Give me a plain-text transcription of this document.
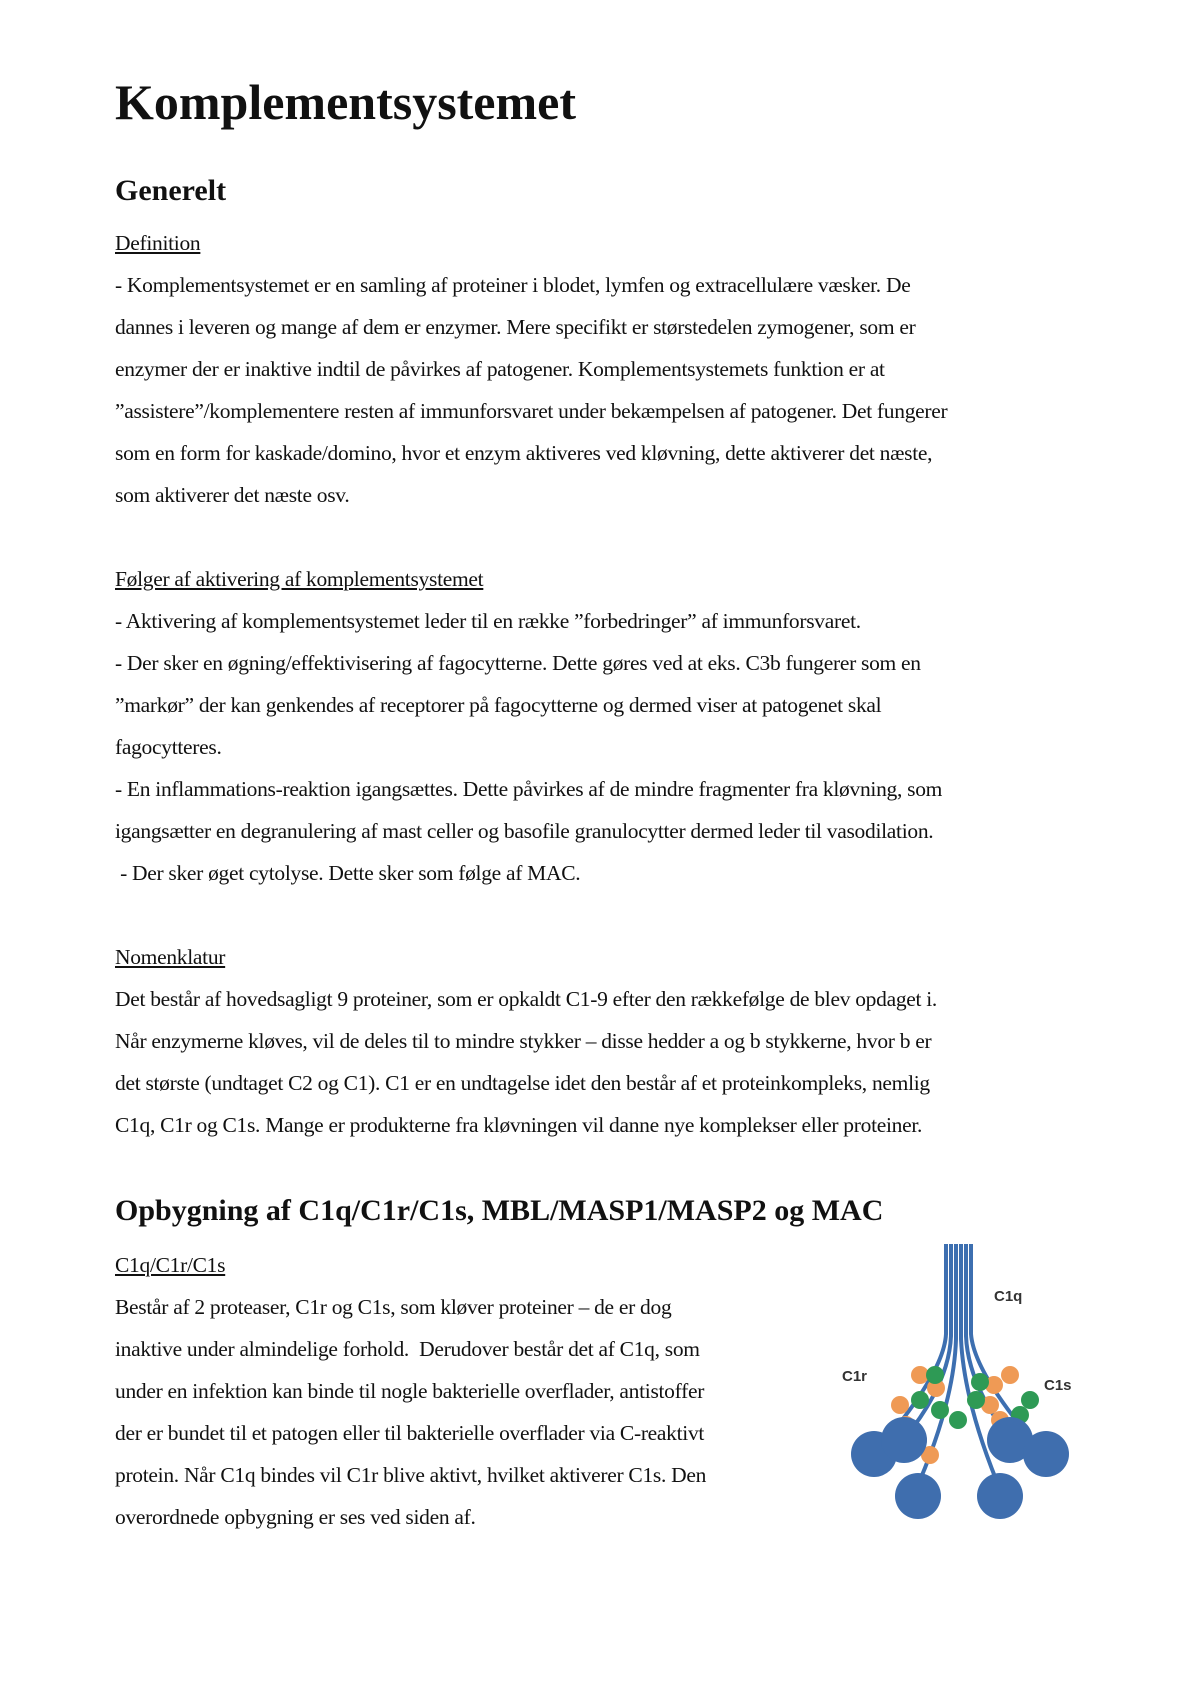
Komplementsystemet
Generelt

Definition

- Komplementsystemet er en samling af proteiner i blodet, lymfen og extracellulære væsker. De

dannes i leveren og mange af dem er enzymer. Mere specifikt er størstedelen zymogener, som er

enzymer der er inaktive indtil de påvirkes af patogener. Komplementsystemets funktion er at

”assistere”/komplementere resten af immunforsvaret under bekæmpelsen af patogener. Det fungerer

som en form for kaskade/domino, hvor et enzym aktiveres ved kløvning, dette aktiverer det næste,

som aktiverer det næste osv.

Følger af aktivering af komplementsystemet

- Aktivering af komplementsystemet leder til en række ”forbedringer” af immunforsvaret.

- Der sker en øgning/effektivisering af fagocytterne. Dette gøres ved at eks. C3b fungerer som en

”markør” der kan genkendes af receptorer på fagocytterne og dermed viser at patogenet skal

fagocytteres.

- En inflammations-reaktion igangsættes. Dette påvirkes af de mindre fragmenter fra kløvning, som

igangsætter en degranulering af mast celler og basofile granulocytter dermed leder til vasodilation.

- Der sker øget cytolyse. Dette sker som følge af MAC.

Nomenklatur

Det består af hovedsagligt 9 proteiner, som er opkaldt C1-9 efter den rækkefølge de blev opdaget i.

Når enzymerne kløves, vil de deles til to mindre stykker – disse hedder a og b stykkerne, hvor b er

det største (undtaget C2 og C1). C1 er en undtagelse idet den består af et proteinkompleks, nemlig

C1q, C1r og C1s. Mange er produkterne fra kløvningen vil danne nye komplekser eller proteiner.

Opbygning af C1q/C1r/C1s, MBL/MASP1/MASP2 og MAC

C1q/C1r/C1s

Består af 2 proteaser, C1r og C1s, som kløver proteiner – de er dog

inaktive under almindelige forhold.  Derudover består det af C1q, som

under en infektion kan binde til nogle bakterielle overflader, antistoffer

der er bundet til et patogen eller til bakterielle overflader via C-reaktivt

protein. Når C1q bindes vil C1r blive aktivt, hvilket aktiverer C1s. Den

overordnede opbygning er ses ved siden af.

C1q
C1r
C1s
